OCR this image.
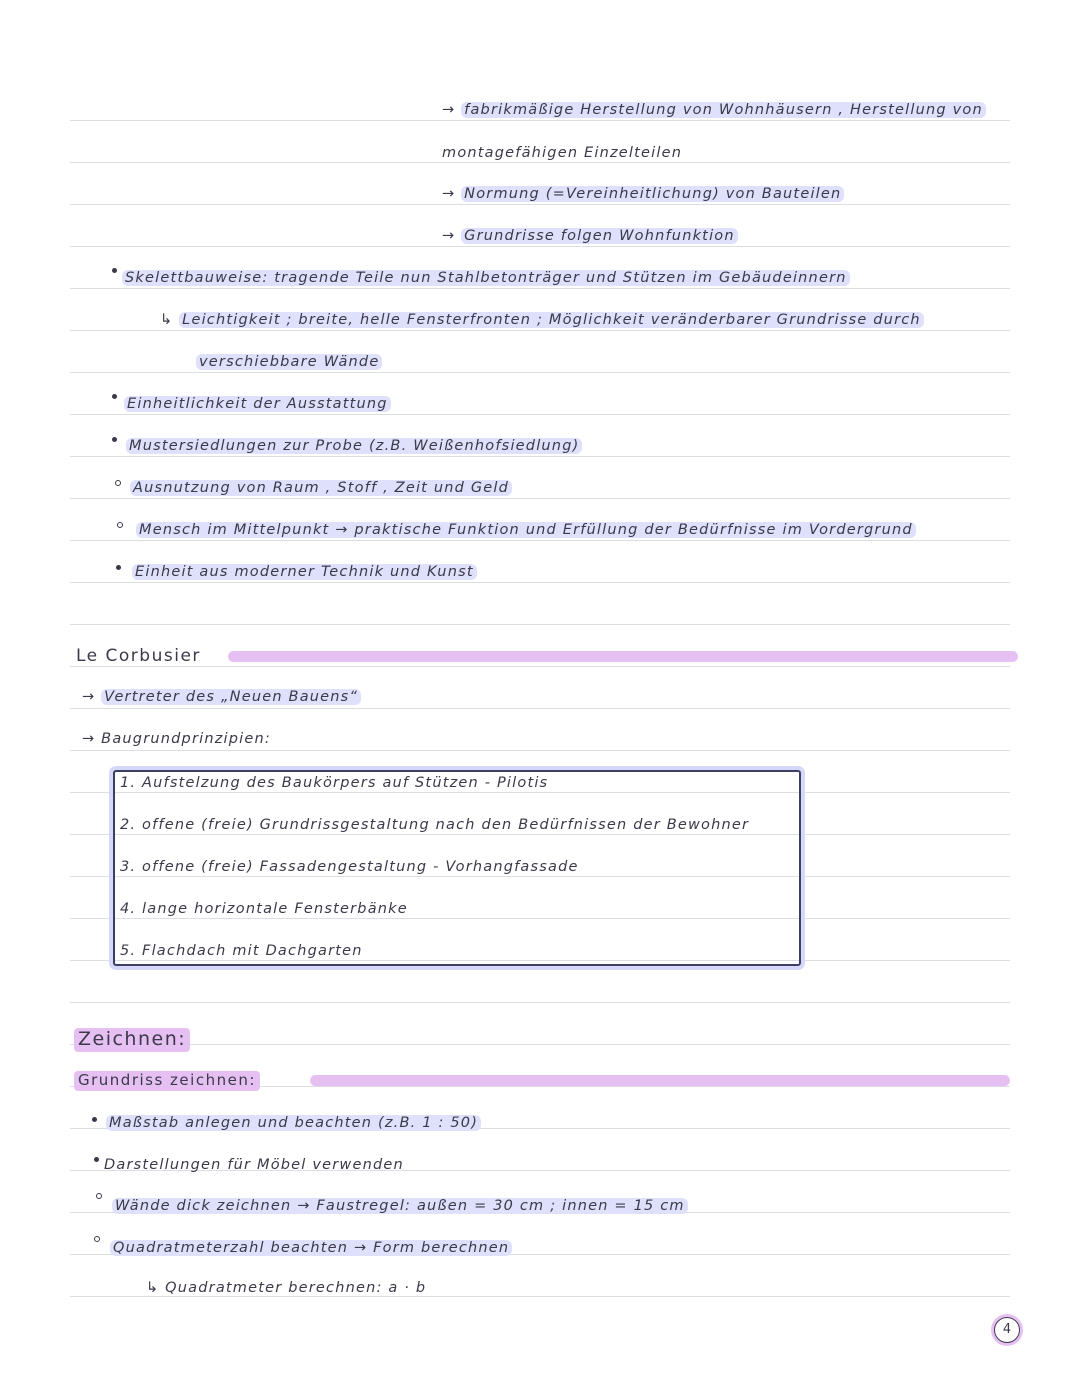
→ fabrikmäßige Herstellung von Wohnhäusern , Herstellung von
montagefähigen Einzelteilen
→ Normung (=Vereinheitlichung) von Bauteilen
→ Grundrisse folgen Wohnfunktion
Skelettbauweise: tragende Teile nun Stahlbetonträger und Stützen im Gebäudeinnern
↳ Leichtigkeit ; breite, helle Fensterfronten ; Möglichkeit veränderbarer Grundrisse durch
verschiebbare Wände
Einheitlichkeit der Ausstattung
Mustersiedlungen zur Probe (z.B. Weißenhofsiedlung)
Ausnutzung von Raum , Stoff , Zeit und Geld
Mensch im Mittelpunkt → praktische Funktion und Erfüllung der Bedürfnisse im Vordergrund
Einheit aus moderner Technik und Kunst
Le Corbusier
→ Vertreter des „Neuen Bauens“
→ Baugrundprinzipien:
1. Aufstelzung des Baukörpers auf Stützen - Pilotis
2. offene (freie) Grundrissgestaltung nach den Bedürfnissen der Bewohner
3. offene (freie) Fassadengestaltung - Vorhangfassade
4. lange horizontale Fensterbänke
5. Flachdach mit Dachgarten
Zeichnen:
Grundriss zeichnen:
Maßstab anlegen und beachten (z.B. 1 : 50)
Darstellungen für Möbel verwenden
Wände dick zeichnen → Faustregel: außen = 30 cm ; innen = 15 cm
Quadratmeterzahl beachten → Form berechnen
↳ Quadratmeter berechnen: a · b
4
